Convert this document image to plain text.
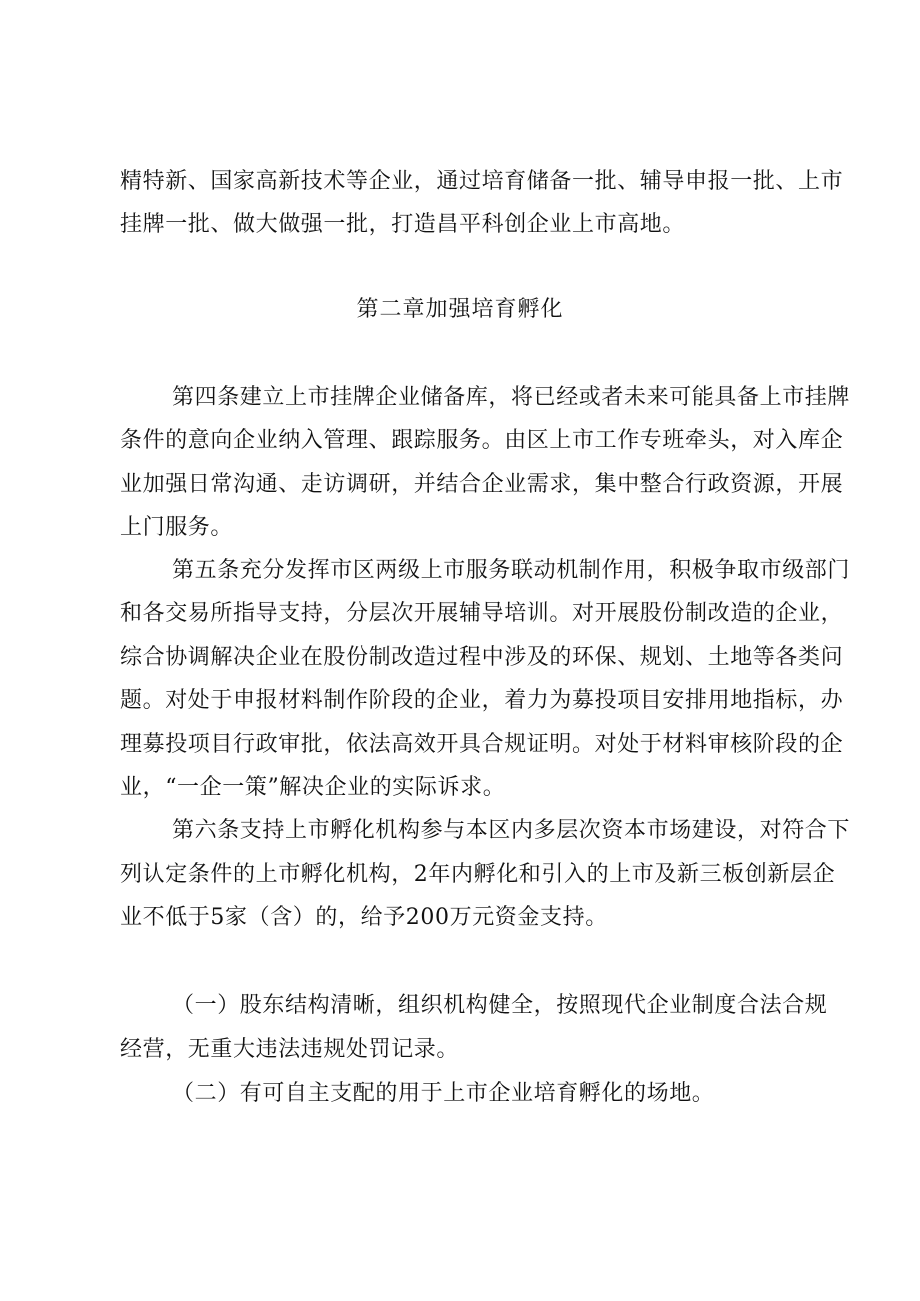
精特新、国家高新技术等企业，通过培育储备一批、辅导申报一批、上市
挂牌一批、做大做强一批，打造昌平科创企业上市高地。
第二章加强培育孵化
第四条建立上市挂牌企业储备库，将已经或者未来可能具备上市挂牌
条件的意向企业纳入管理、跟踪服务。由区上市工作专班牵头，对入库企
业加强日常沟通、走访调研，并结合企业需求，集中整合行政资源，开展
上门服务。
第五条充分发挥市区两级上市服务联动机制作用，积极争取市级部门
和各交易所指导支持，分层次开展辅导培训。对开展股份制改造的企业，
综合协调解决企业在股份制改造过程中涉及的环保、规划、土地等各类问
题。对处于申报材料制作阶段的企业，着力为募投项目安排用地指标，办
理募投项目行政审批，依法高效开具合规证明。对处于材料审核阶段的企
业，“一企一策”解决企业的实际诉求。
第六条支持上市孵化机构参与本区内多层次资本市场建设，对符合下
列认定条件的上市孵化机构，2年内孵化和引入的上市及新三板创新层企
业不低于5家（含）的，给予200万元资金支持。
（一）股东结构清晰，组织机构健全，按照现代企业制度合法合规
经营，无重大违法违规处罚记录。
（二）有可自主支配的用于上市企业培育孵化的场地。
